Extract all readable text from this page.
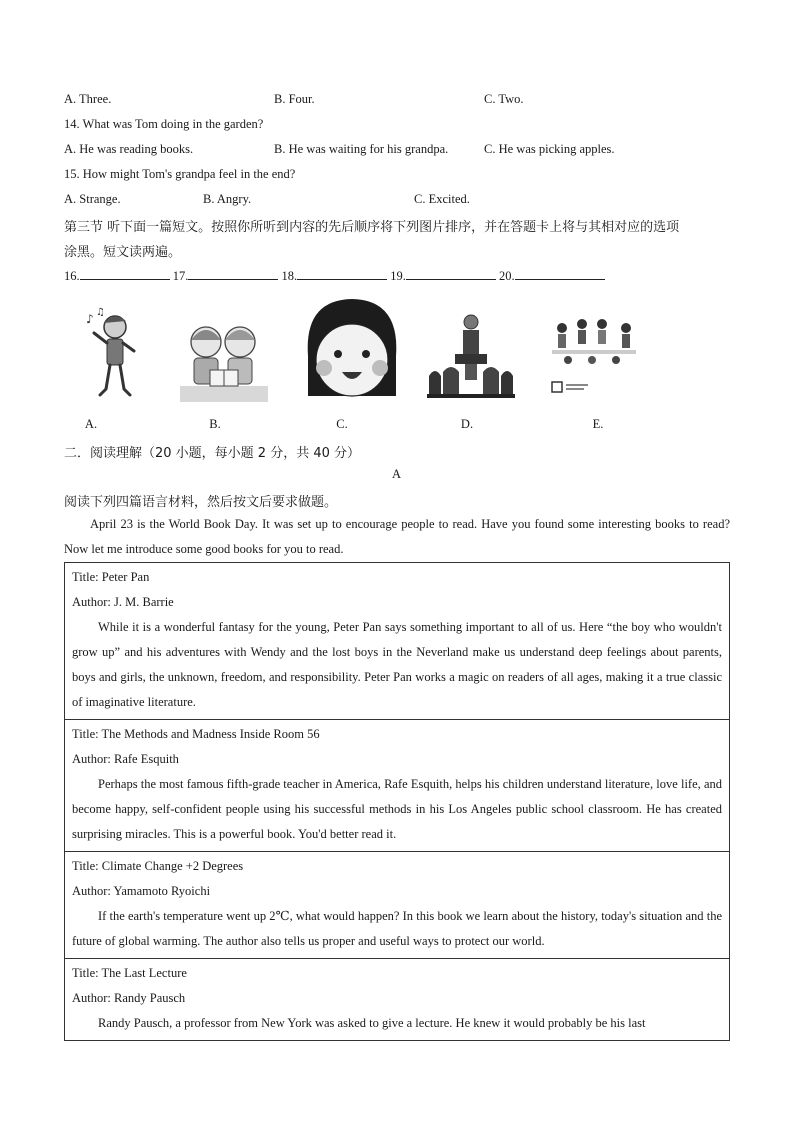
A. Three.	B. Four.	C. Two.
14. What was Tom doing in the garden?
A. He was reading books.	B. He was waiting for his grandpa.	C. He was picking apples.
15. How might Tom's grandpa feel in the end?
A. Strange.	B. Angry.	C. Excited.
第三节 听下面一篇短文。按照你所听到内容的先后顺序将下列图片排序，并在答题卡上将与其相对应的选项
涂黑。短文读两遍。
16.	17.	18.	19.	20.
♪ ♫
A.	B.	C.	D.	E.
二．阅读理解（20 小题，每小题 2 分，共 40 分）
A
阅读下列四篇语言材料，然后按文后要求做题。
April 23 is the World Book Day. It was set up to encourage people to read. Have you found some interesting books to read? Now let me introduce some good books for you to read.
Title: Peter Pan
Author: J. M. Barrie
While it is a wonderful fantasy for the young, Peter Pan says something important to all of us. Here “the boy who wouldn't grow up” and his adventures with Wendy and the lost boys in the Neverland make us understand deep feelings about parents, boys and girls, the unknown, freedom, and responsibility. Peter Pan works a magic on readers of all ages, making it a true classic of imaginative literature.

Title: The Methods and Madness Inside Room 56
Author: Rafe Esquith
Perhaps the most famous fifth-grade teacher in America, Rafe Esquith, helps his children understand literature, love life, and become happy, self-confident people using his successful methods in his Los Angeles public school classroom. He has created surprising miracles. This is a powerful book. You'd better read it.

Title: Climate Change +2 Degrees
Author: Yamamoto Ryoichi
If the earth's temperature went up 2℃, what would happen? In this book we learn about the history, today's situation and the future of global warming. The author also tells us proper and useful ways to protect our world.

Title: The Last Lecture
Author: Randy Pausch
Randy Pausch, a professor from New York was asked to give a lecture. He knew it would probably be his last
